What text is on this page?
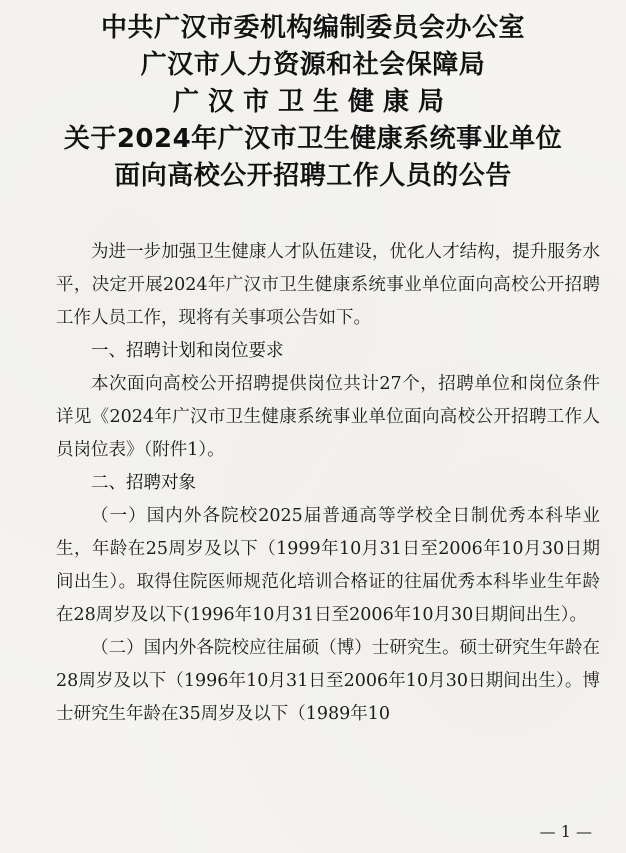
中共广汉市委机构编制委员会办公室
广汉市人力资源和社会保障局
广汉市卫生健康局
关于2024年广汉市卫生健康系统事业单位
面向高校公开招聘工作人员的公告

为进一步加强卫生健康人才队伍建设，优化人才结构，提升服务水平，决定开展2024年广汉市卫生健康系统事业单位面向高校公开招聘工作人员工作，现将有关事项公告如下。

一、招聘计划和岗位要求

本次面向高校公开招聘提供岗位共计27个，招聘单位和岗位条件详见《2024年广汉市卫生健康系统事业单位面向高校公开招聘工作人员岗位表》（附件1）。

二、招聘对象

（一）国内外各院校2025届普通高等学校全日制优秀本科毕业生，年龄在25周岁及以下（1999年10月31日至2006年10月30日期间出生）。取得住院医师规范化培训合格证的往届优秀本科毕业生年龄在28周岁及以下(1996年10月31日至2006年10月30日期间出生）。

（二）国内外各院校应往届硕（博）士研究生。硕士研究生年龄在28周岁及以下（1996年10月31日至2006年10月30日期间出生）。博士研究生年龄在35周岁及以下（1989年10

— 1 —
